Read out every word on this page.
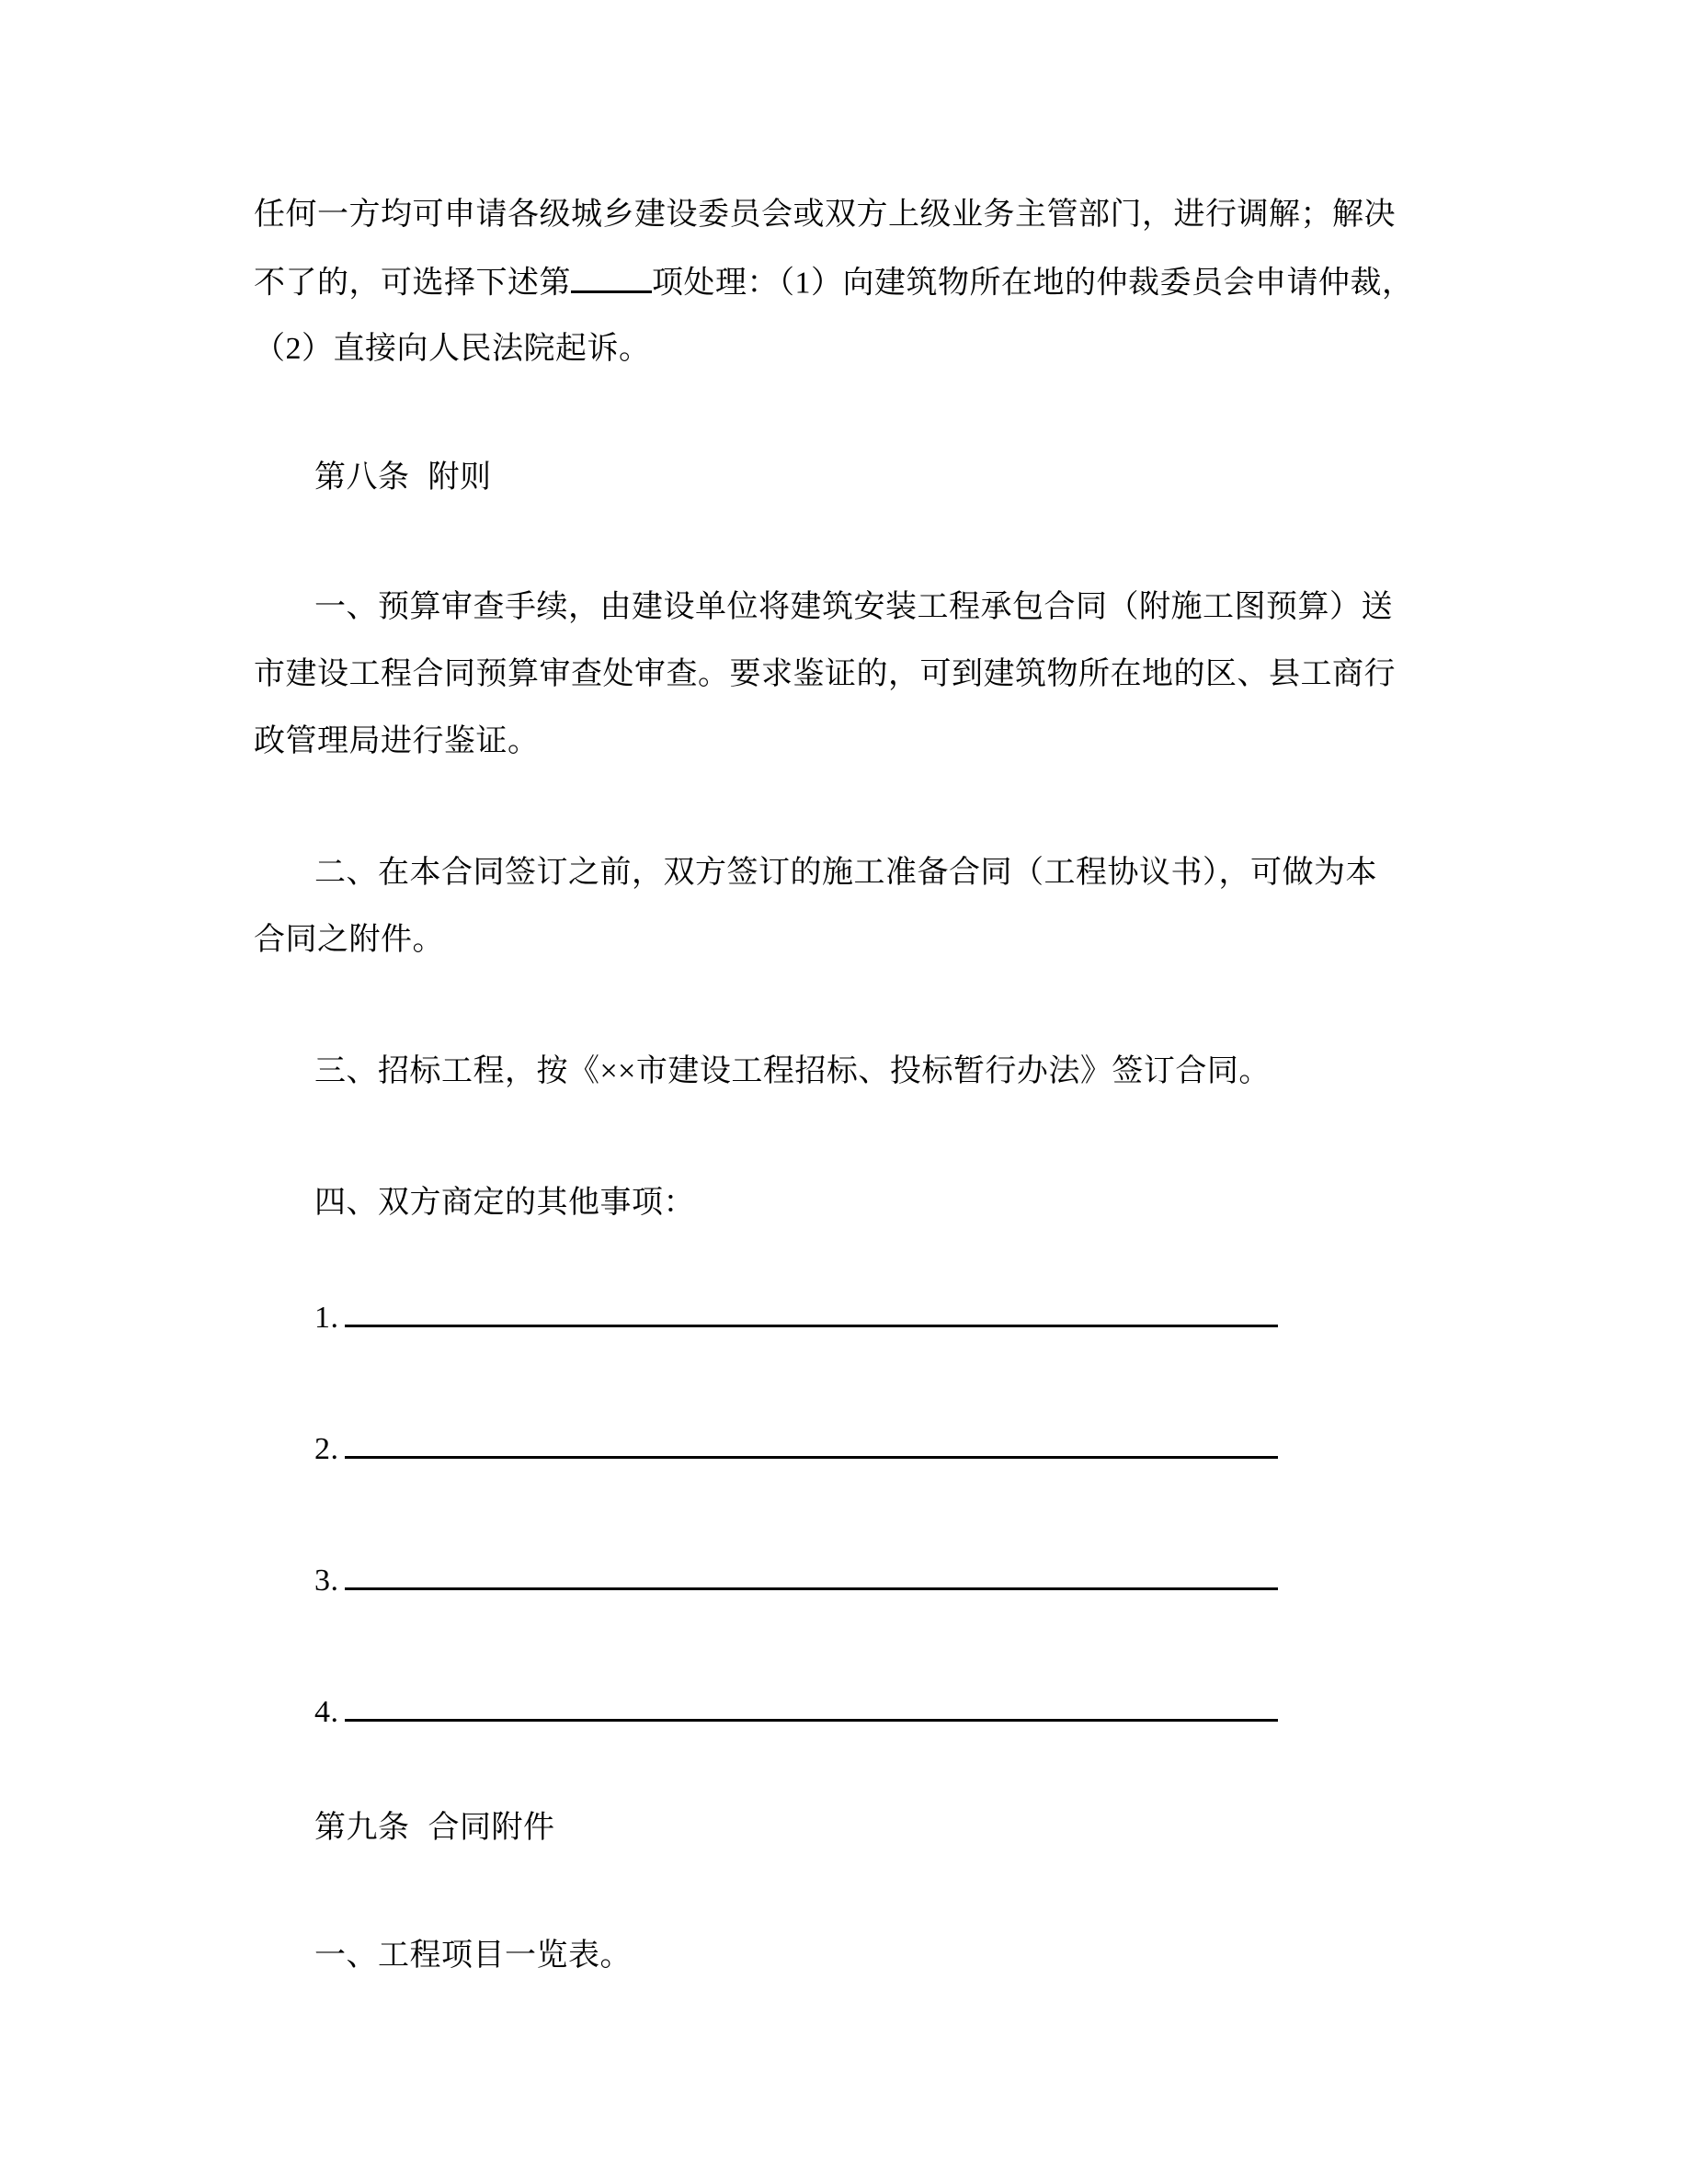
任何一方均可申请各级城乡建设委员会或双方上级业务主管部门，进行调解；解决
不了的，可选择下述第	项处理：（1）向建筑物所在地的仲裁委员会申请仲裁，
（2）直接向人民法院起诉。
第八条 附则
一、预算审查手续，由建设单位将建筑安装工程承包合同（附施工图预算）送
市建设工程合同预算审查处审查。要求鉴证的，可到建筑物所在地的区、县工商行
政管理局进行鉴证。
二、在本合同签订之前，双方签订的施工准备合同（工程协议书），可做为本
合同之附件。
三、招标工程，按《××市建设工程招标、投标暂行办法》签订合同。
四、双方商定的其他事项：
1.
2.
3.
4.
第九条 合同附件
一、工程项目一览表。
